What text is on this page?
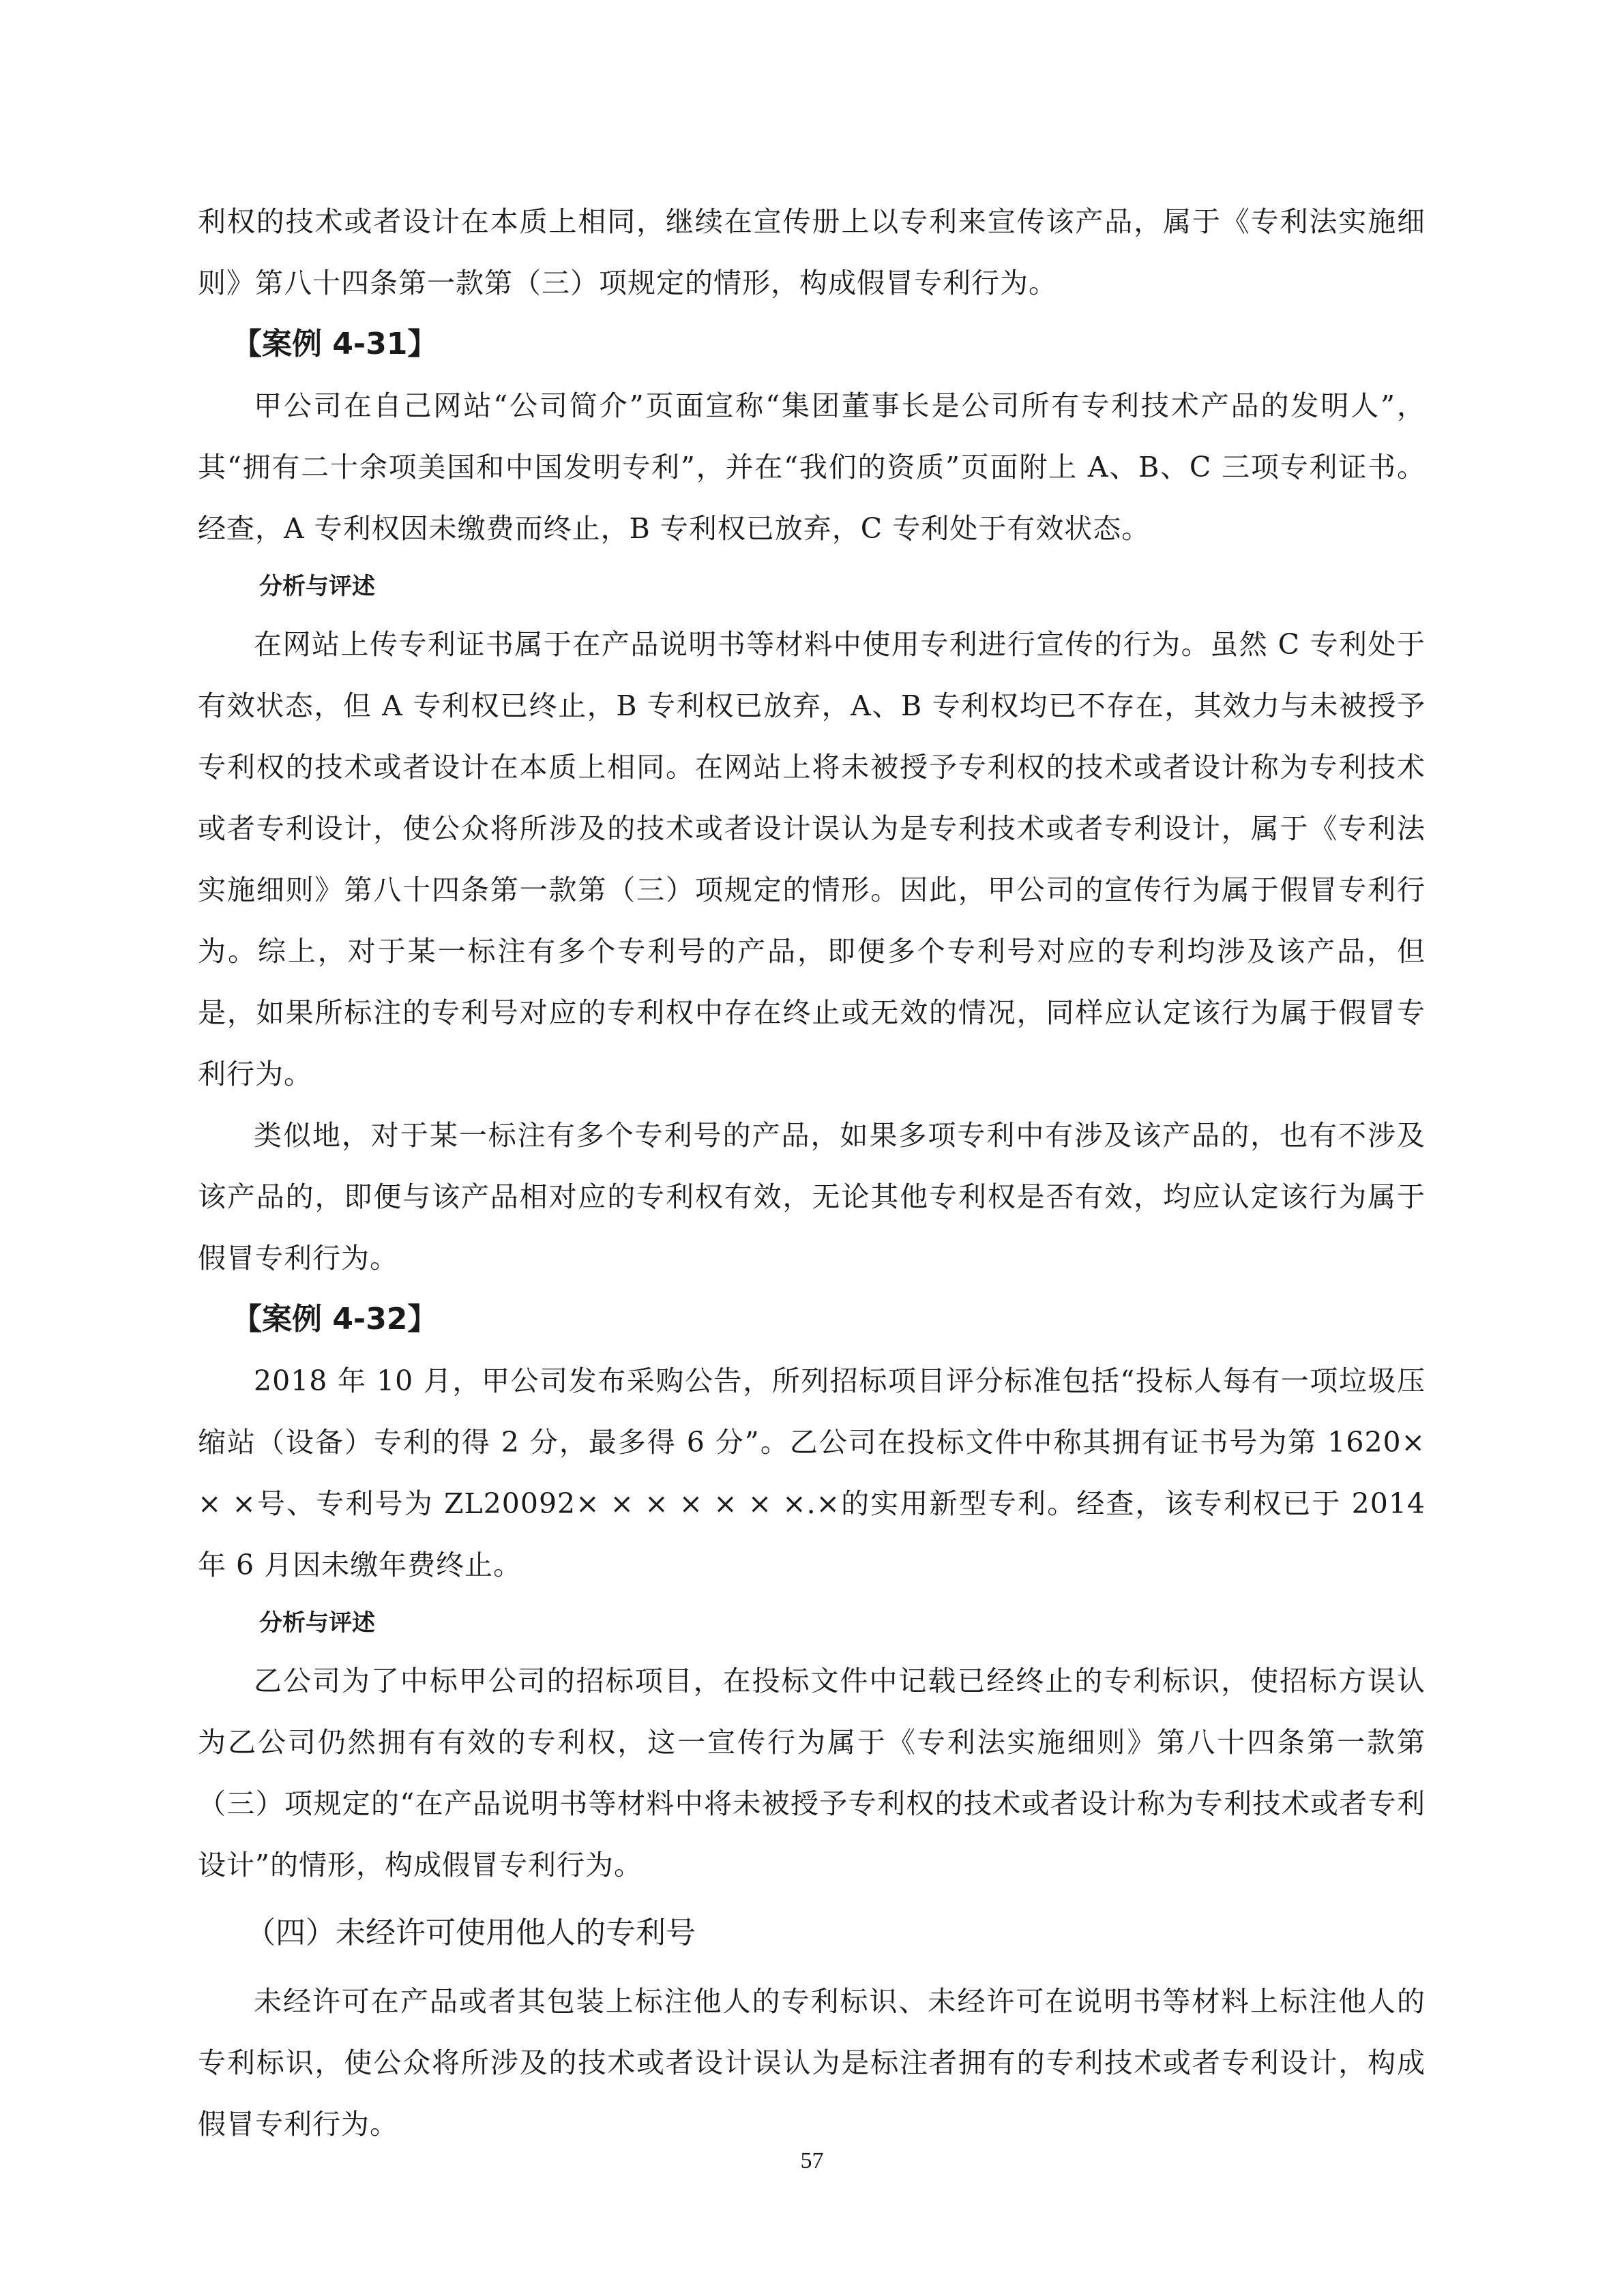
利权的技术或者设计在本质上相同，继续在宣传册上以专利来宣传该产品，属于《专利法实施细则》第八十四条第一款第（三）项规定的情形，构成假冒专利行为。

【案例 4-31】

甲公司在自己网站“公司简介”页面宣称“集团董事长是公司所有专利技术产品的发明人”，其“拥有二十余项美国和中国发明专利”，并在“我们的资质”页面附上 A、B、C 三项专利证书。经查，A 专利权因未缴费而终止，B 专利权已放弃，C 专利处于有效状态。

分析与评述

在网站上传专利证书属于在产品说明书等材料中使用专利进行宣传的行为。虽然 C 专利处于有效状态，但 A 专利权已终止，B 专利权已放弃，A、B 专利权均已不存在，其效力与未被授予专利权的技术或者设计在本质上相同。在网站上将未被授予专利权的技术或者设计称为专利技术或者专利设计，使公众将所涉及的技术或者设计误认为是专利技术或者专利设计，属于《专利法实施细则》第八十四条第一款第（三）项规定的情形。因此，甲公司的宣传行为属于假冒专利行为。综上，对于某一标注有多个专利号的产品，即便多个专利号对应的专利均涉及该产品，但是，如果所标注的专利号对应的专利权中存在终止或无效的情况，同样应认定该行为属于假冒专利行为。

类似地，对于某一标注有多个专利号的产品，如果多项专利中有涉及该产品的，也有不涉及该产品的，即便与该产品相对应的专利权有效，无论其他专利权是否有效，均应认定该行为属于假冒专利行为。

【案例 4-32】

2018 年 10 月，甲公司发布采购公告，所列招标项目评分标准包括“投标人每有一项垃圾压缩站（设备）专利的得 2 分，最多得 6 分”。乙公司在投标文件中称其拥有证书号为第 1620× × ×号、专利号为 ZL20092× × × × × × ×.×的实用新型专利。经查，该专利权已于 2014 年 6 月因未缴年费终止。

分析与评述

乙公司为了中标甲公司的招标项目，在投标文件中记载已经终止的专利标识，使招标方误认为乙公司仍然拥有有效的专利权，这一宣传行为属于《专利法实施细则》第八十四条第一款第（三）项规定的“在产品说明书等材料中将未被授予专利权的技术或者设计称为专利技术或者专利设计”的情形，构成假冒专利行为。

（四）未经许可使用他人的专利号

未经许可在产品或者其包装上标注他人的专利标识、未经许可在说明书等材料上标注他人的专利标识，使公众将所涉及的技术或者设计误认为是标注者拥有的专利技术或者专利设计，构成假冒专利行为。

57
